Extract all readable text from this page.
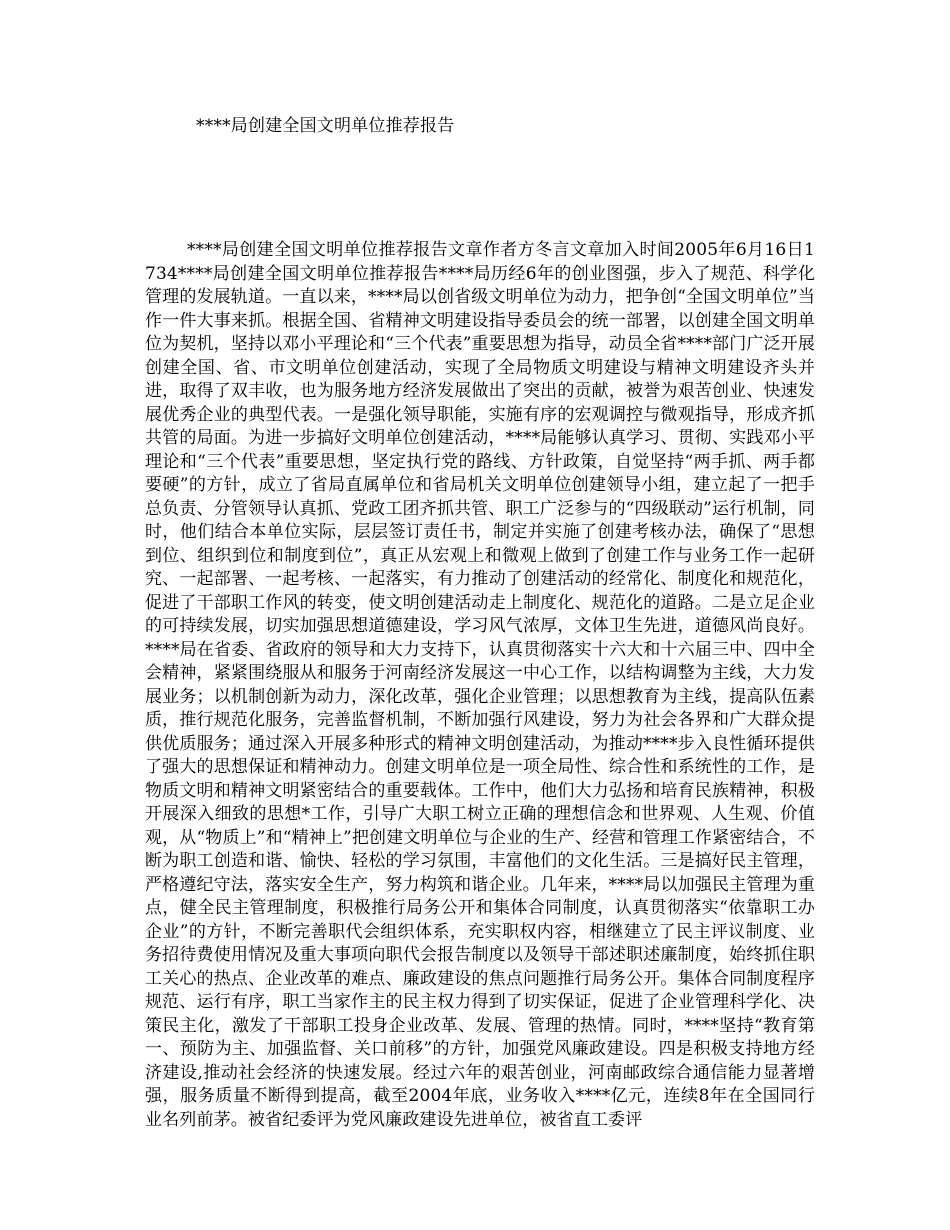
****局创建全国文明单位推荐报告

****局创建全国文明单位推荐报告文章作者方冬言文章加入时间2005年6月16日1734****局创建全国文明单位推荐报告****局历经6年的创业图强，步入了规范、科学化管理的发展轨道。一直以来，****局以创省级文明单位为动力，把争创“全国文明单位”当作一件大事来抓。根据全国、省精神文明建设指导委员会的统一部署，以创建全国文明单位为契机，坚持以邓小平理论和“三个代表”重要思想为指导，动员全省****部门广泛开展创建全国、省、市文明单位创建活动，实现了全局物质文明建设与精神文明建设齐头并进，取得了双丰收，也为服务地方经济发展做出了突出的贡献，被誉为艰苦创业、快速发展优秀企业的典型代表。一是强化领导职能，实施有序的宏观调控与微观指导，形成齐抓共管的局面。为进一步搞好文明单位创建活动，****局能够认真学习、贯彻、实践邓小平理论和“三个代表”重要思想，坚定执行党的路线、方针政策，自觉坚持“两手抓、两手都要硬”的方针，成立了省局直属单位和省局机关文明单位创建领导小组，建立起了一把手总负责、分管领导认真抓、党政工团齐抓共管、职工广泛参与的“四级联动”运行机制，同时，他们结合本单位实际，层层签订责任书，制定并实施了创建考核办法，确保了“思想到位、组织到位和制度到位”，真正从宏观上和微观上做到了创建工作与业务工作一起研究、一起部署、一起考核、一起落实，有力推动了创建活动的经常化、制度化和规范化，促进了干部职工作风的转变，使文明创建活动走上制度化、规范化的道路。二是立足企业的可持续发展，切实加强思想道德建设，学习风气浓厚，文体卫生先进，道德风尚良好。****局在省委、省政府的领导和大力支持下，认真贯彻落实十六大和十六届三中、四中全会精神，紧紧围绕服从和服务于河南经济发展这一中心工作，以结构调整为主线，大力发展业务；以机制创新为动力，深化改革，强化企业管理；以思想教育为主线，提高队伍素质，推行规范化服务，完善监督机制，不断加强行风建设，努力为社会各界和广大群众提供优质服务；通过深入开展多种形式的精神文明创建活动，为推动****步入良性循环提供了强大的思想保证和精神动力。创建文明单位是一项全局性、综合性和系统性的工作，是物质文明和精神文明紧密结合的重要载体。工作中，他们大力弘扬和培育民族精神，积极开展深入细致的思想*工作，引导广大职工树立正确的理想信念和世界观、人生观、价值观，从“物质上”和“精神上”把创建文明单位与企业的生产、经营和管理工作紧密结合，不断为职工创造和谐、愉快、轻松的学习氛围，丰富他们的文化生活。三是搞好民主管理，严格遵纪守法，落实安全生产，努力构筑和谐企业。几年来，****局以加强民主管理为重点，健全民主管理制度，积极推行局务公开和集体合同制度，认真贯彻落实“依靠职工办企业”的方针，不断完善职代会组织体系，充实职权内容，相继建立了民主评议制度、业务招待费使用情况及重大事项向职代会报告制度以及领导干部述职述廉制度，始终抓住职工关心的热点、企业改革的难点、廉政建设的焦点问题推行局务公开。集体合同制度程序规范、运行有序，职工当家作主的民主权力得到了切实保证，促进了企业管理科学化、决策民主化，激发了干部职工投身企业改革、发展、管理的热情。同时，****坚持“教育第一、预防为主、加强监督、关口前移”的方针，加强党风廉政建设。四是积极支持地方经济建设,推动社会经济的快速发展。经过六年的艰苦创业，河南邮政综合通信能力显著增强，服务质量不断得到提高，截至2004年底，业务收入****亿元，连续8年在全国同行业名列前茅。被省纪委评为党风廉政建设先进单位，被省直工委评
